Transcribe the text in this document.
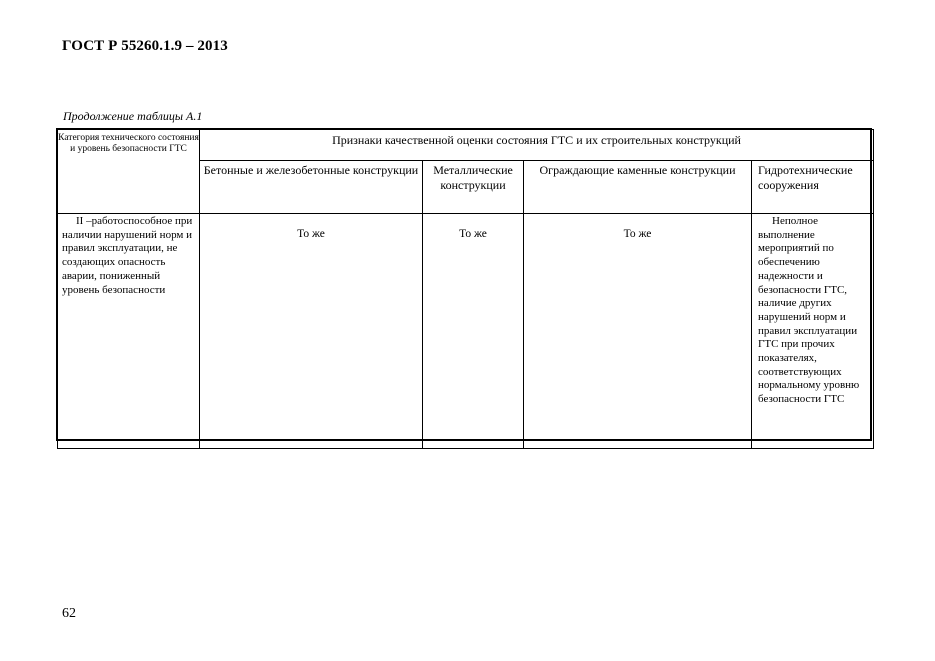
ГОСТ Р 55260.1.9 – 2013
Продолжение таблицы А.1
Категория технического состояния и уровень безопасности ГТС	Признаки качественной оценки состояния ГТС и их строительных конструкций			
	Бетонные и железобетонные конструкции	Металлические конструкции	Ограждающие каменные конструкции	Гидротехнические сооружения
II –работоспособное при наличии нарушений норм и правил эксплуатации, не создающих опасность аварии, пониженный уровень безопасности	То же	То же	То же	Неполное выполнение мероприятий по обеспечению надежности и безопасности ГТС, наличие других нарушений норм и правил эксплуатации ГТС при прочих показателях, соответствующих нормальному уровню безопасности ГТС
62
